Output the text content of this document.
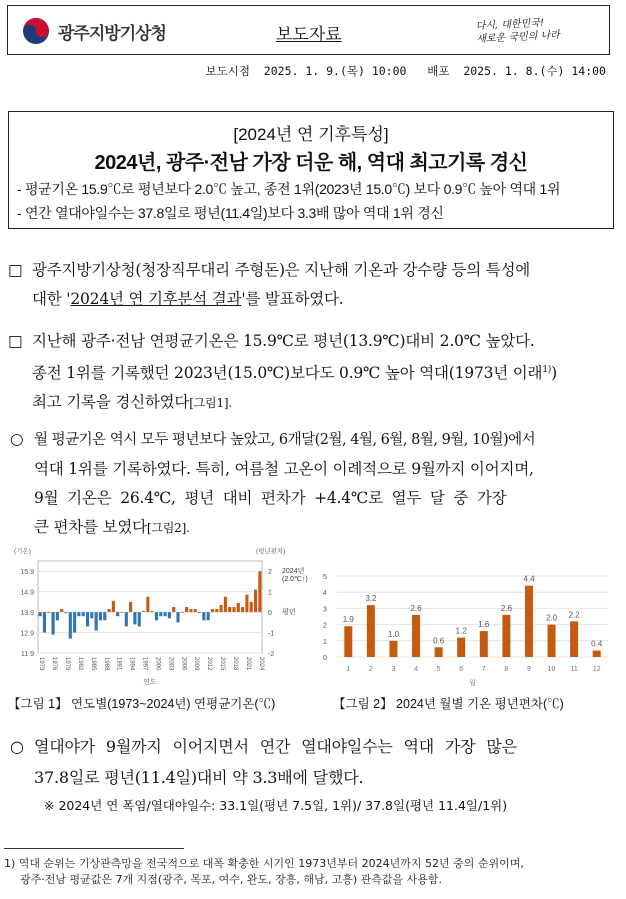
광주지방기상청	보도자료
다시, 대한민국!
새로운 국민의 나라
보도시점 2025. 1. 9.(목) 10:00 배포 2025. 1. 8.(수) 14:00
[2024년 연 기후특성]
2024년, 광주·전남 가장 더운 해, 역대 최고기록 경신
- 평균기온 15.9℃로 평년보다 2.0℃ 높고, 종전 1위(2023년 15.0℃) 보다 0.9℃ 높아 역대 1위
- 연간 열대야일수는 37.8일로 평년(11.4일)보다 3.3배 많아 역대 1위 경신
□ 광주지방기상청(청장직무대리 주형돈)은 지난해 기온과 강수량 등의 특성에
대한 '2024년 연 기후분석 결과'를 발표하였다.
□ 지난해 광주·전남 연평균기온은 15.9℃로 평년(13.9℃)대비 2.0℃ 높았다.
종전 1위를 기록했던 2023년(15.0℃)보다도 0.9℃ 높아 역대(1973년 이래$^{1)}$)
최고 기록을 경신하였다[그림1].
○ 월 평균기온 역시 모두 평년보다 높았고, 6개달(2월, 4월, 6월, 8월, 9월, 10월)에서
역대 1위를 기록하였다. 특히, 여름철 고온이 이례적으로 9월까지 이어지며,
9월 기온은 26.4℃, 평년 대비 편차가 +4.4℃로 열두 달 중 가장
큰 편차를 보였다[그림2].
11.9	-2
12.9	-1
13.9	0
14.9	1
15.9	2
1973 1976 1979 1982 1985 1988 1991 1994 1997 2000 2003 2006 2009 2012 2015 2018 2021 2024
연도
(기온)	(평년편차)
2024년
(2.0℃↑)
평년
0
1
2
3
4
5
1.9
1
3.2
2
1.0
3
2.6
4
0.6
5
1.2
6
1.6
7
2.6
8
4.4
9
2.0
10
2.2
11
0.4
12
월
【그림 1】 연도별(1973~2024년) 연평균기온(℃)	【그림 2】 2024년 월별 기온 평년편차(℃)
○ 열대야가 9월까지 이어지면서 연간 열대야일수는 역대 가장 많은
37.8일로 평년(11.4일)대비 약 3.3배에 달했다.
※ 2024년 연 폭염/열대야일수: 33.1일(평년 7.5일, 1위)/ 37.8일(평년 11.4일/1위)
1) 역대 순위는 기상관측망을 전국적으로 대폭 확충한 시기인 1973년부터 2024년까지 52년 중의 순위이며,
광주·전남 평균값은 7개 지점(광주, 목포, 여수, 완도, 장흥, 해남, 고흥) 관측값을 사용함.
